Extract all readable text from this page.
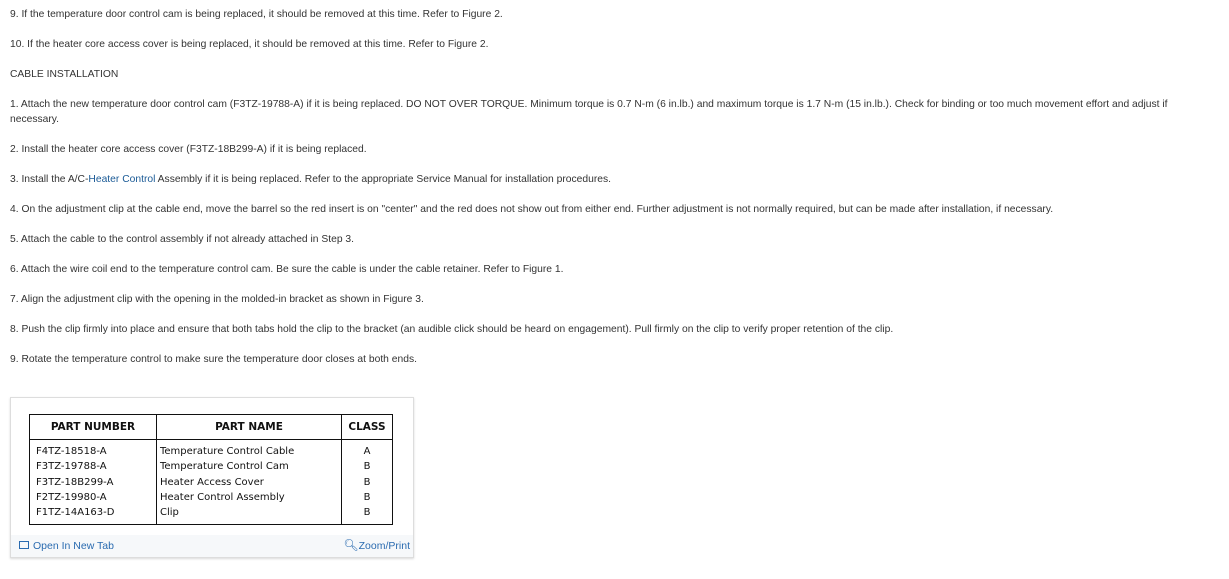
9. If the temperature door control cam is being replaced, it should be removed at this time. Refer to Figure 2.

10. If the heater core access cover is being replaced, it should be removed at this time. Refer to Figure 2.

CABLE INSTALLATION

1. Attach the new temperature door control cam (F3TZ-19788-A) if it is being replaced. DO NOT OVER TORQUE. Minimum torque is 0.7 N-m (6 in.lb.) and maximum torque is 1.7 N-m (15 in.lb.). Check for binding or too much movement effort and adjust if necessary.

2. Install the heater core access cover (F3TZ-18B299-A) if it is being replaced.

3. Install the A/C-Heater Control Assembly if it is being replaced. Refer to the appropriate Service Manual for installation procedures.

4. On the adjustment clip at the cable end, move the barrel so the red insert is on "center" and the red does not show out from either end. Further adjustment is not normally required, but can be made after installation, if necessary.

5. Attach the cable to the control assembly if not already attached in Step 3.

6. Attach the wire coil end to the temperature control cam. Be sure the cable is under the cable retainer. Refer to Figure 1.

7. Align the adjustment clip with the opening in the molded-in bracket as shown in Figure 3.

8. Push the clip firmly into place and ensure that both tabs hold the clip to the bracket (an audible click should be heard on engagement). Pull firmly on the clip to verify proper retention of the clip.

9. Rotate the temperature control to make sure the temperature door closes at both ends.

PART NUMBER	PART NAME	CLASS
F4TZ-18518-A	Temperature Control Cable	A
F3TZ-19788-A	Temperature Control Cam	B
F3TZ-18B299-A	Heater Access Cover	B
F2TZ-19980-A	Heater Control Assembly	B
F1TZ-14A163-D	Clip	B
Open In New Tab	🔍︎Zoom/Print
